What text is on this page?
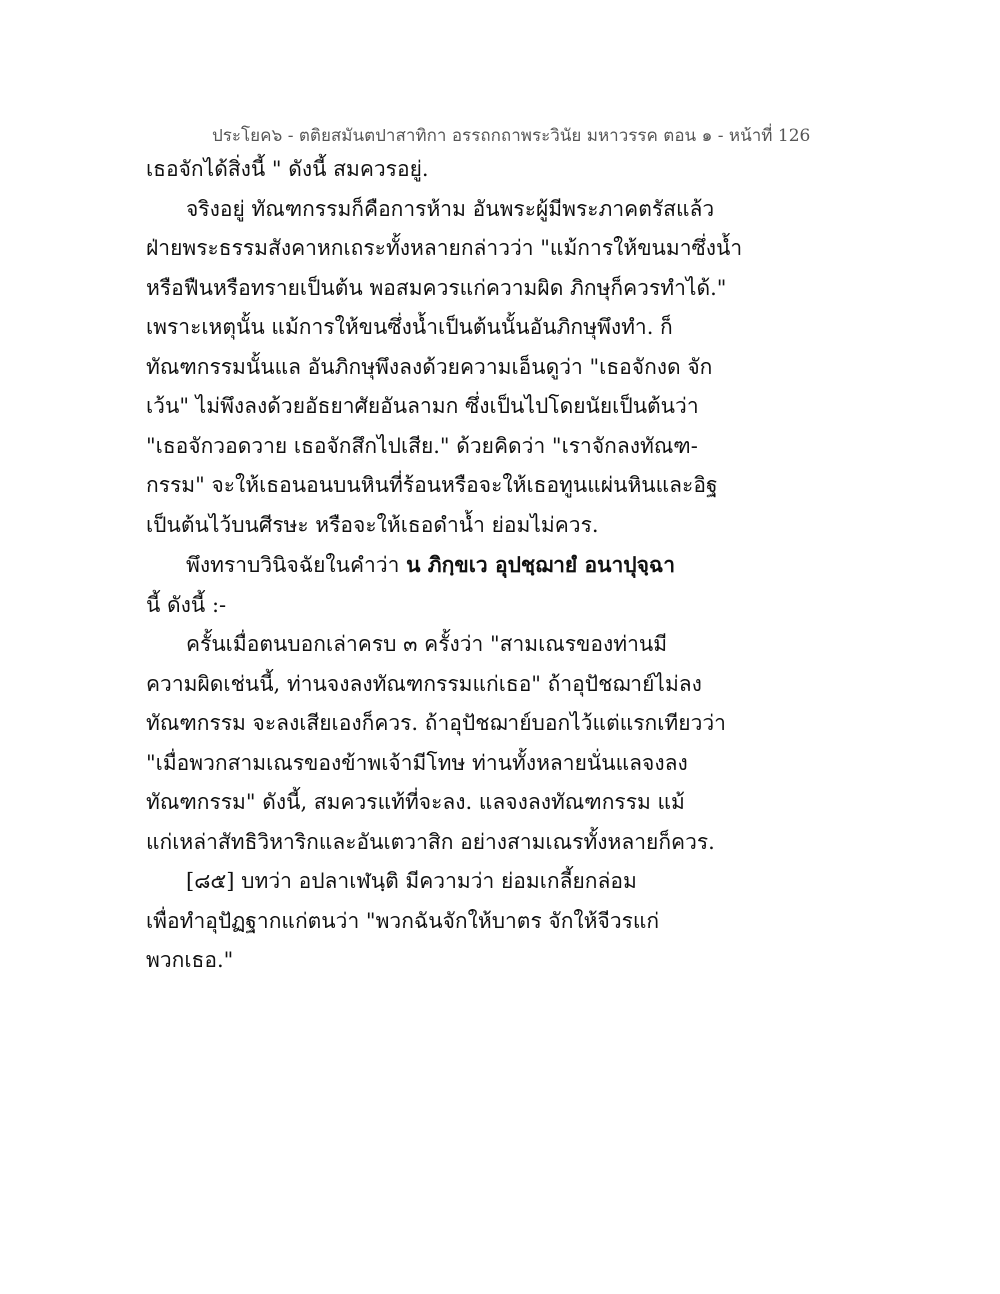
ประโยค๖ - ตติยสมันตปาสาทิกา อรรถกถาพระวินัย มหาวรรค ตอน ๑ - หน้าที่ 126
เธอจักได้สิ่งนี้ " ดังนี้ สมควรอยู่.
จริงอยู่ ทัณฑกรรมก็คือการห้าม อันพระผู้มีพระภาคตรัสแล้ว
ฝ่ายพระธรรมสังคาหกเถระทั้งหลายกล่าวว่า "แม้การให้ขนมาซึ่งน้ำ
หรือฟืนหรือทรายเป็นต้น พอสมควรแก่ความผิด ภิกษุก็ควรทำได้."
เพราะเหตุนั้น แม้การให้ขนซึ่งน้ำเป็นต้นนั้นอันภิกษุพึงทำ. ก็
ทัณฑกรรมนั้นแล อันภิกษุพึงลงด้วยความเอ็นดูว่า "เธอจักงด จัก
เว้น" ไม่พึงลงด้วยอัธยาศัยอันลามก ซึ่งเป็นไปโดยนัยเป็นต้นว่า
"เธอจักวอดวาย เธอจักสึกไปเสีย." ด้วยคิดว่า "เราจักลงทัณฑ-
กรรม" จะให้เธอนอนบนหินที่ร้อนหรือจะให้เธอทูนแผ่นหินและอิฐ
เป็นต้นไว้บนศีรษะ หรือจะให้เธอดำน้ำ ย่อมไม่ควร.
พึงทราบวินิจฉัยในคำว่า น ภิกฺขเว อุปชฺฌายํ อนาปุจฺฉา
นี้ ดังนี้ :-
ครั้นเมื่อตนบอกเล่าครบ ๓ ครั้งว่า "สามเณรของท่านมี
ความผิดเช่นนี้, ท่านจงลงทัณฑกรรมแก่เธอ" ถ้าอุปัชฌาย์ไม่ลง
ทัณฑกรรม จะลงเสียเองก็ควร. ถ้าอุปัชฌาย์บอกไว้แต่แรกเทียวว่า
"เมื่อพวกสามเณรของข้าพเจ้ามีโทษ ท่านทั้งหลายนั่นแลจงลง
ทัณฑกรรม" ดังนี้, สมควรแท้ที่จะลง. แลจงลงทัณฑกรรม แม้
แก่เหล่าสัทธิวิหาริกและอันเตวาสิก อย่างสามเณรทั้งหลายก็ควร.
[๘๕] บทว่า อปลาเฬนฺติ มีความว่า ย่อมเกลี้ยกล่อม
เพื่อทำอุปัฏฐากแก่ตนว่า "พวกฉันจักให้บาตร จักให้จีวรแก่
พวกเธอ."
